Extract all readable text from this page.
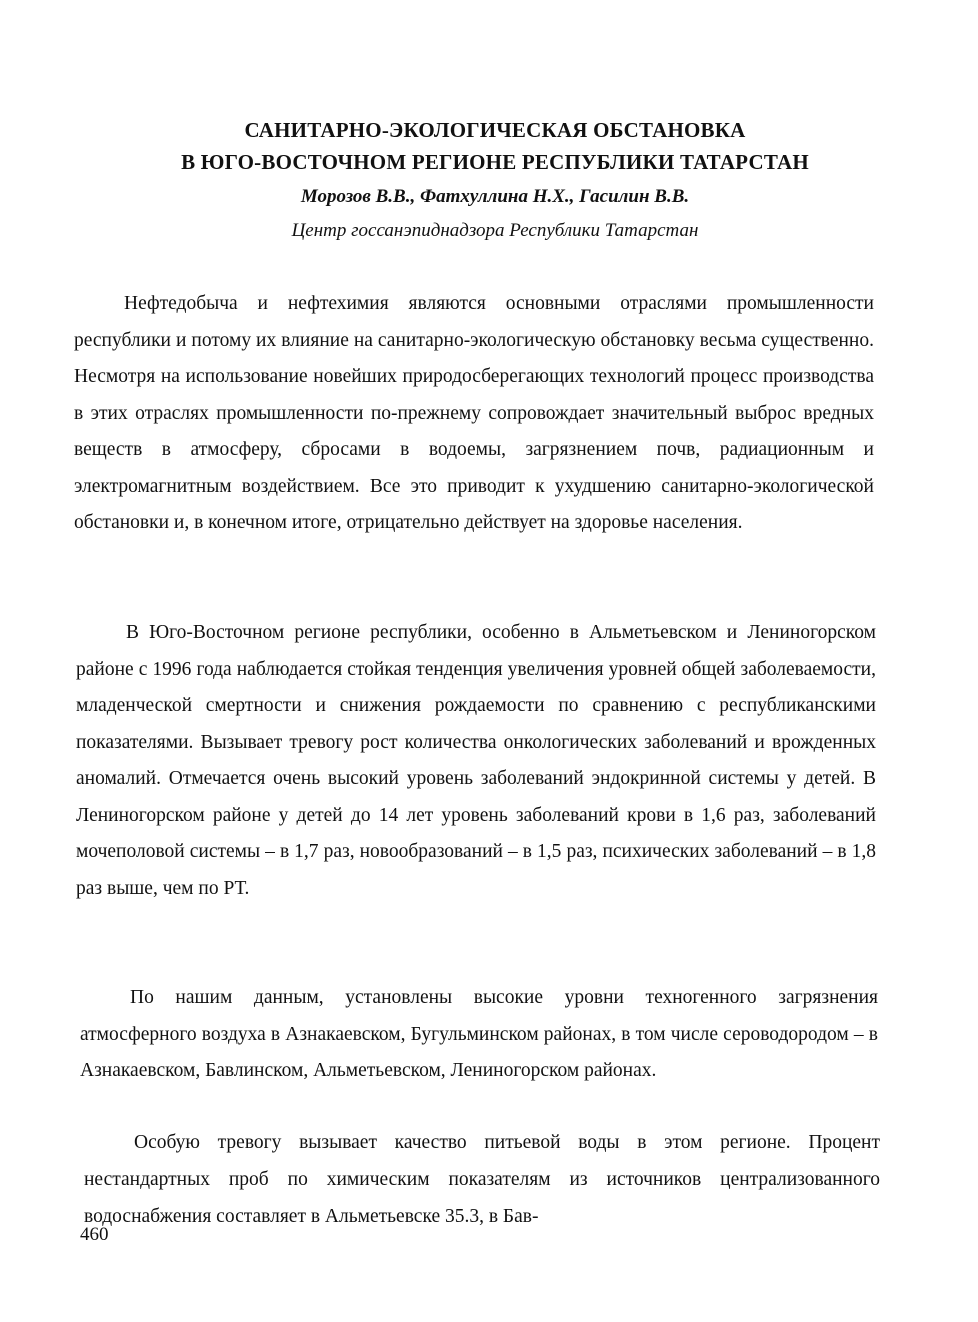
САНИТАРНО-ЭКОЛОГИЧЕСКАЯ ОБСТАНОВКА
В ЮГО-ВОСТОЧНОМ РЕГИОНЕ РЕСПУБЛИКИ ТАТАРСТАН
Морозов В.В., Фатхуллина Н.Х., Гасилин В.В.
Центр госсанэпиднадзора Республики Татарстан

Нефтедобыча и нефтехимия являются основными отраслями промышленности республики и потому их влияние на санитарно-экологическую обстановку весьма существенно. Несмотря на использование новейших природосберегающих технологий процесс производства в этих отраслях промышленности по-прежнему сопровождает значительный выброс вредных веществ в атмосферу, сбросами в водоемы, загрязнением почв, радиационным и электромагнитным воздействием. Все это приводит к ухудшению санитарно-экологической обстановки и, в конечном итоге, отрицательно действует на здоровье населения.

В Юго-Восточном регионе республики, особенно в Альметьевском и Лениногорском районе с 1996 года наблюдается стойкая тенденция увеличения уровней общей заболеваемости, младенческой смертности и снижения рождаемости по сравнению с республиканскими показателями. Вызывает тревогу рост количества онкологических заболеваний и врожденных аномалий. Отмечается очень высокий уровень заболеваний эндокринной системы у детей. В Лениногорском районе у детей до 14 лет уровень заболеваний крови в 1,6 раз, заболеваний мочеполовой системы – в 1,7 раз, новообразований – в 1,5 раз, психических заболеваний – в 1,8 раз выше, чем по РТ.

По нашим данным, установлены высокие уровни техногенного загрязнения атмосферного воздуха в Азнакаевском, Бугульминском районах, в том числе сероводородом – в Азнакаевском, Бавлинском, Альметьевском, Лениногорском районах.

Особую тревогу вызывает качество питьевой воды в этом регионе. Процент нестандартных проб по химическим показателям из источников централизованного водоснабжения составляет в Альметьевске 35.3, в Бав-

460
